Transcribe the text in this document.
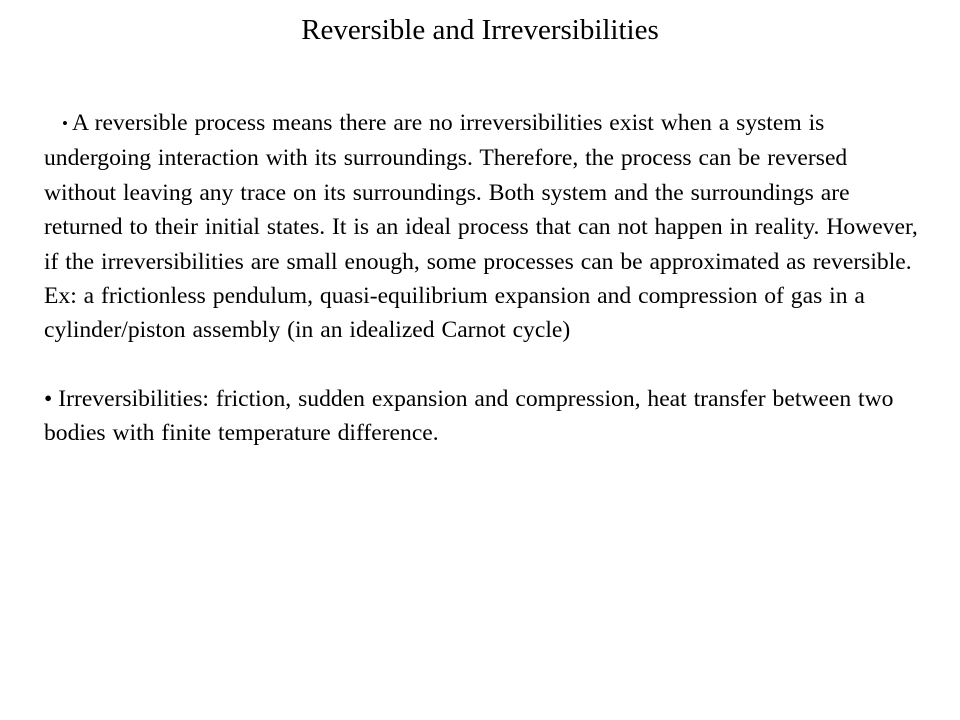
Reversible and Irreversibilities

• A reversible process means there are no irreversibilities exist when a system is undergoing interaction with its surroundings. Therefore, the process can be reversed without leaving any trace on its surroundings. Both system and the surroundings are returned to their initial states. It is an ideal process that can not happen in reality. However, if the irreversibilities are small enough, some processes can be approximated as reversible. Ex: a frictionless pendulum, quasi-equilibrium expansion and compression of gas in a cylinder/piston assembly (in an idealized Carnot cycle)

• Irreversibilities: friction, sudden expansion and compression, heat transfer between two bodies with finite temperature difference.
